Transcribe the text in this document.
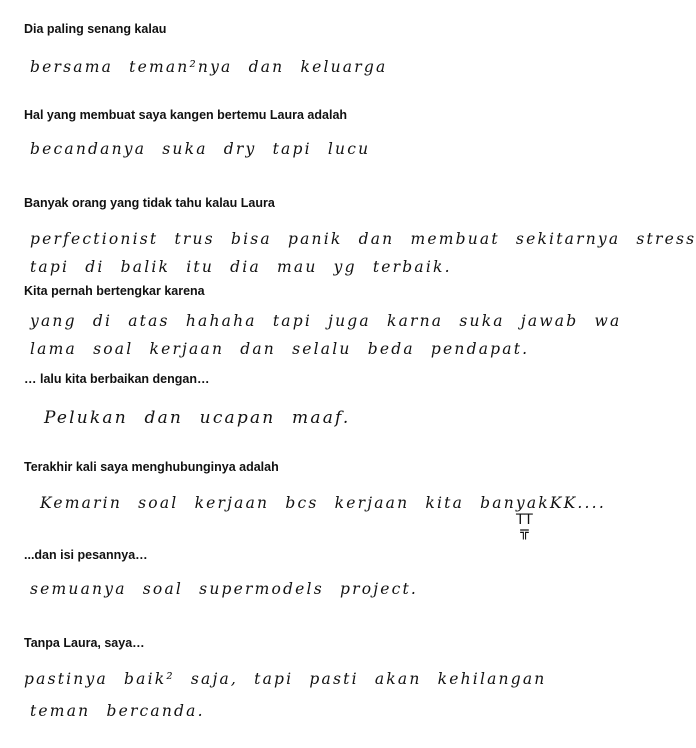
Dia paling senang kalau
bersama teman²nya dan keluarga
Hal yang membuat saya kangen bertemu Laura adalah
becandanya suka dry tapi lucu
Banyak orang yang tidak tahu kalau Laura
perfectionist trus bisa panik dan membuat sekitarnya stress
tapi di balik itu dia mau yg terbaik.
Kita pernah bertengkar karena
yang di atas hahaha tapi juga karna suka jawab wa
lama soal kerjaan dan selalu beda pendapat.
… lalu kita berbaikan dengan…
Pelukan dan ucapan maaf.
Terakhir kali saya menghubunginya adalah
Kemarin soal kerjaan bcs kerjaan kita banyakKK....
TT
╦
...dan isi pesannya…
semuanya soal supermodels project.
Tanpa Laura, saya…
pastinya baik² saja, tapi pasti akan kehilangan
teman bercanda.
